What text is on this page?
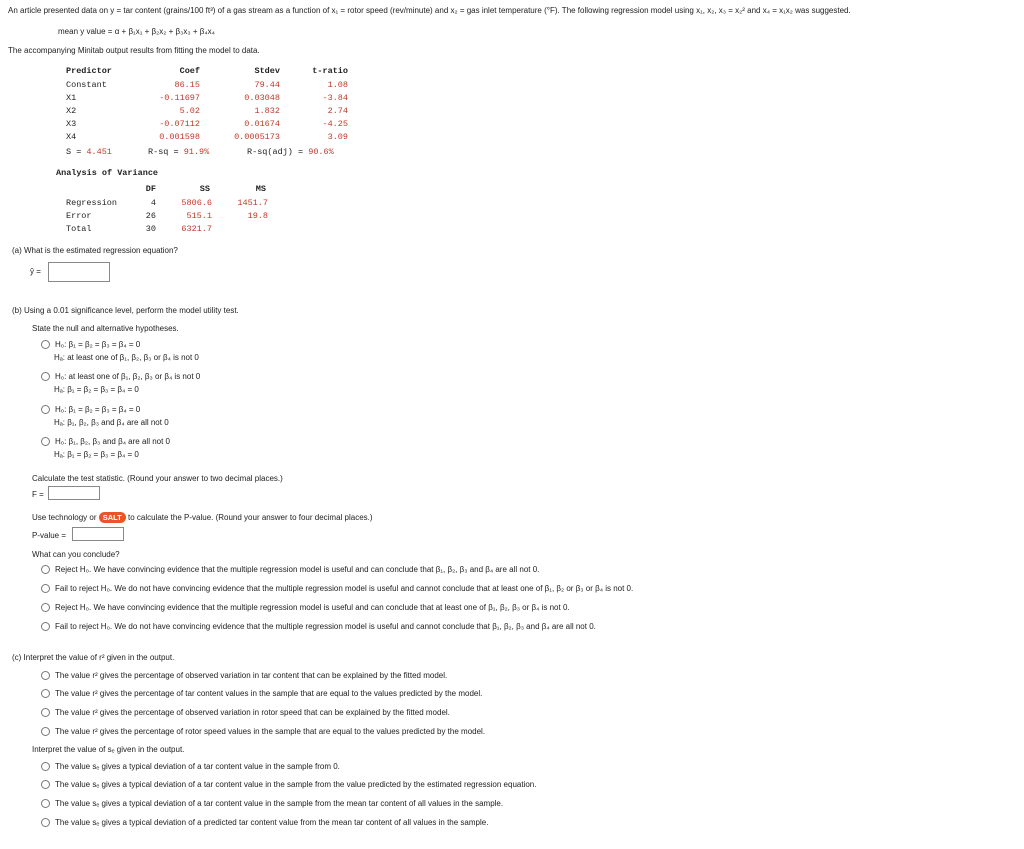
An article presented data on y = tar content (grains/100 ft³) of a gas stream as a function of x₁ = rotor speed (rev/minute) and x₂ = gas inlet temperature (°F). The following regression model using x₁, x₂, x₃ = x₂² and x₄ = x₁x₂ was suggested.
mean y value = α + β₁x₁ + β₂x₂ + β₃x₃ + β₄x₄
The accompanying Minitab output results from fitting the model to data.
Predictor	Coef	Stdev	t-ratio
Constant	86.15	79.44	1.08
X1	-0.11697	0.03048	-3.84
X2	5.02	1.832	2.74
X3	-0.07112	0.01674	-4.25
X4	0.001598	0.0005173	3.09
S = 4.451	R-sq = 91.9%	R-sq(adj) = 90.6%
Analysis of Variance
DF	SS	MS
Regression	4	5806.6	1451.7
Error	26	515.1	19.8
Total	30	6321.7
(a) What is the estimated regression equation?
ŷ =
(b) Using a 0.01 significance level, perform the model utility test.
State the null and alternative hypotheses.
H₀: β₁ = β₂ = β₃ = β₄ = 0
Hₐ: at least one of β₁, β₂, β₃ or β₄ is not 0
H₀: at least one of β₁, β₂, β₃ or β₄ is not 0
Hₐ: β₁ = β₂ = β₃ = β₄ = 0
H₀: β₁ = β₂ = β₃ = β₄ = 0
Hₐ: β₁, β₂, β₃ and β₄ are all not 0
H₀: β₁, β₂, β₃ and β₄ are all not 0
Hₐ: β₁ = β₂ = β₃ = β₄ = 0
Calculate the test statistic. (Round your answer to two decimal places.)
F =
Use technology or SALT to calculate the P-value. (Round your answer to four decimal places.)
P-value =
What can you conclude?
Reject H₀. We have convincing evidence that the multiple regression model is useful and can conclude that β₁, β₂, β₃ and β₄ are all not 0.
Fail to reject H₀. We do not have convincing evidence that the multiple regression model is useful and cannot conclude that at least one of β₁, β₂ or β₃ or β₄ is not 0.
Reject H₀. We have convincing evidence that the multiple regression model is useful and can conclude that at least one of β₁, β₂, β₃ or β₄ is not 0.
Fail to reject H₀. We do not have convincing evidence that the multiple regression model is useful and cannot conclude that β₁, β₂, β₃ and β₄ are all not 0.
(c) Interpret the value of r² given in the output.
The value r² gives the percentage of observed variation in tar content that can be explained by the fitted model.
The value r² gives the percentage of tar content values in the sample that are equal to the values predicted by the model.
The value r² gives the percentage of observed variation in rotor speed that can be explained by the fitted model.
The value r² gives the percentage of rotor speed values in the sample that are equal to the values predicted by the model.
Interpret the value of sₑ given in the output.
The value sₑ gives a typical deviation of a tar content value in the sample from 0.
The value sₑ gives a typical deviation of a tar content value in the sample from the value predicted by the estimated regression equation.
The value sₑ gives a typical deviation of a tar content value in the sample from the mean tar content of all values in the sample.
The value sₑ gives a typical deviation of a predicted tar content value from the mean tar content of all values in the sample.
